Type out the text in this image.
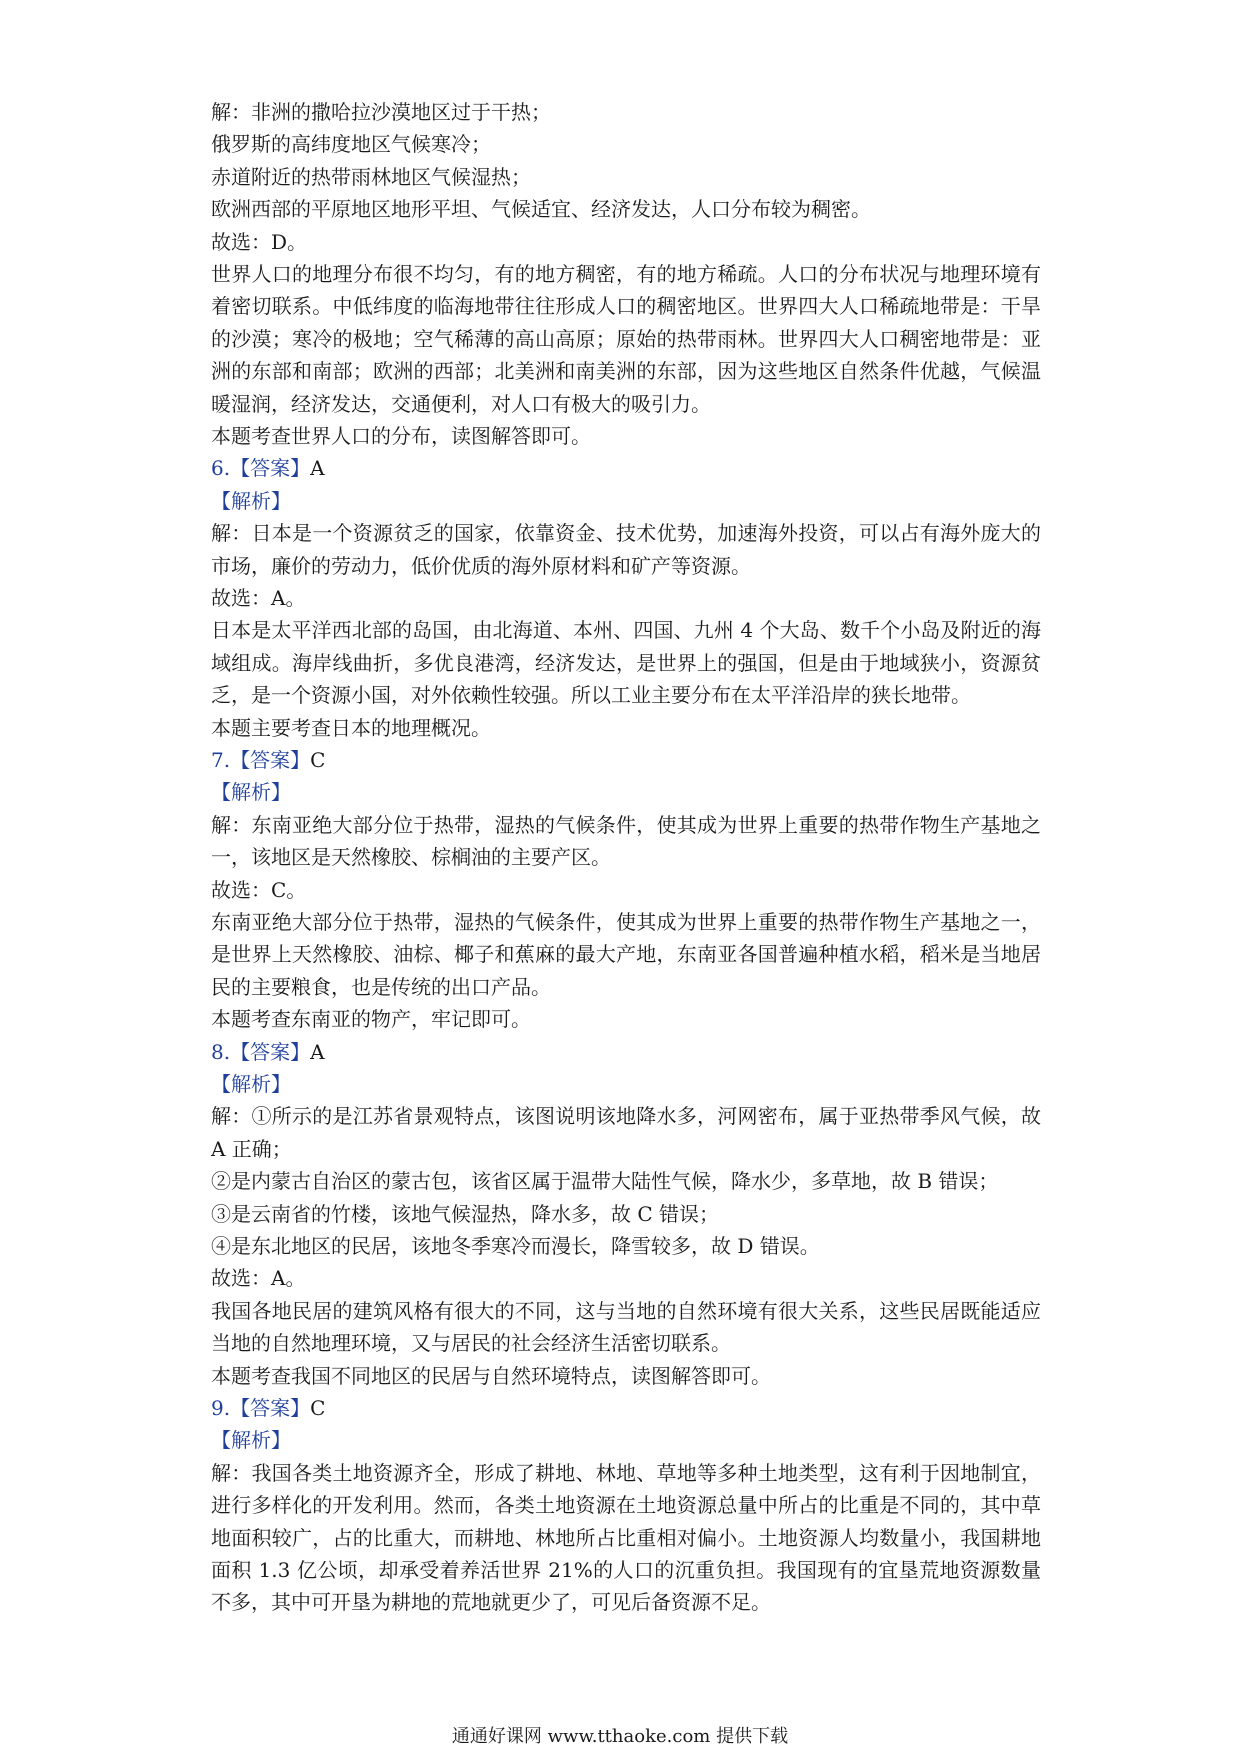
解：非洲的撒哈拉沙漠地区过于干热；
俄罗斯的高纬度地区气候寒冷；
赤道附近的热带雨林地区气候湿热；
欧洲西部的平原地区地形平坦、气候适宜、经济发达，人口分布较为稠密。
故选：D。
世界人口的地理分布很不均匀，有的地方稠密，有的地方稀疏。人口的分布状况与地理环境有着密切联系。中低纬度的临海地带往往形成人口的稠密地区。世界四大人口稀疏地带是：干旱的沙漠；寒冷的极地；空气稀薄的高山高原；原始的热带雨林。世界四大人口稠密地带是：亚洲的东部和南部；欧洲的西部；北美洲和南美洲的东部，因为这些地区自然条件优越，气候温暖湿润，经济发达，交通便利，对人口有极大的吸引力。
本题考查世界人口的分布，读图解答即可。
6.【答案】A
【解析】
解：日本是一个资源贫乏的国家，依靠资金、技术优势，加速海外投资，可以占有海外庞大的市场，廉价的劳动力，低价优质的海外原材料和矿产等资源。
故选：A。
日本是太平洋西北部的岛国，由北海道、本州、四国、九州 4 个大岛、数千个小岛及附近的海域组成。海岸线曲折，多优良港湾，经济发达，是世界上的强国，但是由于地域狭小，资源贫乏，是一个资源小国，对外依赖性较强。所以工业主要分布在太平洋沿岸的狭长地带。
本题主要考查日本的地理概况。
7.【答案】C
【解析】
解：东南亚绝大部分位于热带，湿热的气候条件，使其成为世界上重要的热带作物生产基地之一，该地区是天然橡胶、棕榈油的主要产区。
故选：C。
东南亚绝大部分位于热带，湿热的气候条件，使其成为世界上重要的热带作物生产基地之一，是世界上天然橡胶、油棕、椰子和蕉麻的最大产地，东南亚各国普遍种植水稻，稻米是当地居民的主要粮食，也是传统的出口产品。
本题考查东南亚的物产，牢记即可。
8.【答案】A
【解析】
解：①所示的是江苏省景观特点，该图说明该地降水多，河网密布，属于亚热带季风气候，故 A 正确；
②是内蒙古自治区的蒙古包，该省区属于温带大陆性气候，降水少，多草地，故 B 错误；
③是云南省的竹楼，该地气候湿热，降水多，故 C 错误；
④是东北地区的民居，该地冬季寒冷而漫长，降雪较多，故 D 错误。
故选：A。
我国各地民居的建筑风格有很大的不同，这与当地的自然环境有很大关系，这些民居既能适应当地的自然地理环境，又与居民的社会经济生活密切联系。
本题考查我国不同地区的民居与自然环境特点，读图解答即可。
9.【答案】C
【解析】
解：我国各类土地资源齐全，形成了耕地、林地、草地等多种土地类型，这有利于因地制宜，进行多样化的开发利用。然而，各类土地资源在土地资源总量中所占的比重是不同的，其中草地面积较广，占的比重大，而耕地、林地所占比重相对偏小。土地资源人均数量小，我国耕地面积 1.3 亿公顷，却承受着养活世界 21%的人口的沉重负担。我国现有的宜垦荒地资源数量不多，其中可开垦为耕地的荒地就更少了，可见后备资源不足。
通通好课网 www.tthaoke.com 提供下载
